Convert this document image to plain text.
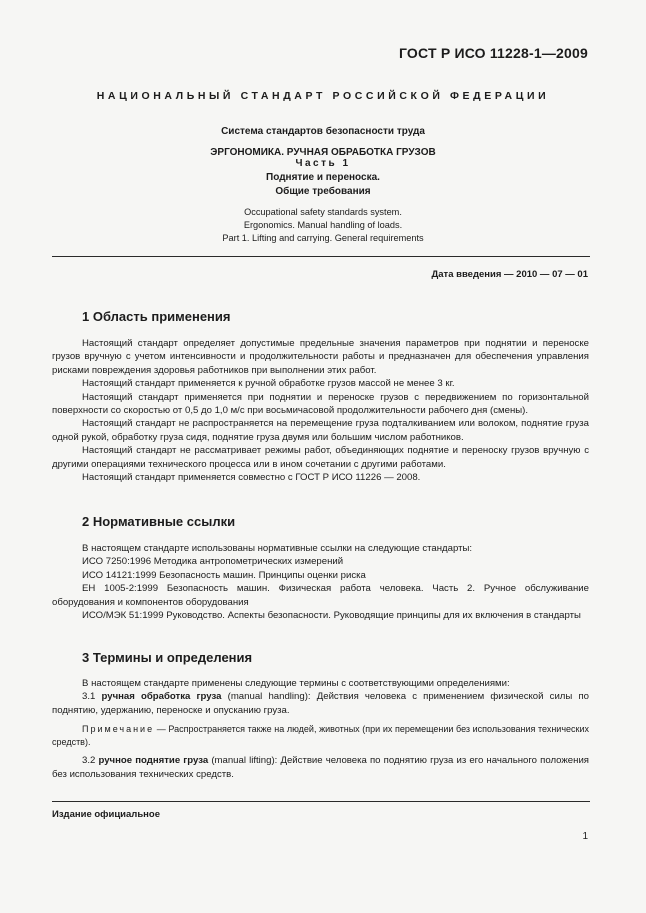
ГОСТ Р ИСО 11228-1—2009
НАЦИОНАЛЬНЫЙ СТАНДАРТ РОССИЙСКОЙ ФЕДЕРАЦИИ
Система стандартов безопасности труда
ЭРГОНОМИКА. РУЧНАЯ ОБРАБОТКА ГРУЗОВ
Часть 1
Поднятие и переноска.
Общие требования
Occupational safety standards system.
Ergonomics. Manual handling of loads.
Part 1. Lifting and carrying. General requirements
Дата введения — 2010 — 07 — 01
1 Область применения

Настоящий стандарт определяет допустимые предельные значения параметров при поднятии и переноске грузов вручную с учетом интенсивности и продолжительности работы и предназначен для обеспечения управления рисками повреждения здоровья работников при выполнении этих работ.

Настоящий стандарт применяется к ручной обработке грузов массой не менее 3 кг.

Настоящий стандарт применяется при поднятии и переноске грузов с передвижением по горизонтальной поверхности со скоростью от 0,5 до 1,0 м/с при восьмичасовой продолжительности рабочего дня (смены).

Настоящий стандарт не распространяется на перемещение груза подталкиванием или волоком, поднятие груза одной рукой, обработку груза сидя, поднятие груза двумя или большим числом работников.

Настоящий стандарт не рассматривает режимы работ, объединяющих поднятие и переноску грузов вручную с другими операциями технического процесса или в ином сочетании с другими работами.

Настоящий стандарт применяется совместно с ГОСТ Р ИСО 11226 — 2008.

2 Нормативные ссылки

В настоящем стандарте использованы нормативные ссылки на следующие стандарты:

ИСО 7250:1996 Методика антропометрических измерений

ИСО 14121:1999 Безопасность машин. Принципы оценки риска

ЕН 1005-2:1999 Безопасность машин. Физическая работа человека. Часть 2. Ручное обслуживание оборудования и компонентов оборудования

ИСО/МЭК 51:1999 Руководство. Аспекты безопасности. Руководящие принципы для их включения в стандарты

3 Термины и определения

В настоящем стандарте применены следующие термины с соответствующими определениями:

3.1 ручная обработка груза (manual handling): Действия человека с применением физической силы по поднятию, удержанию, переноске и опусканию груза.

Примечание — Распространяется также на людей, животных (при их перемещении без использования технических средств).

3.2 ручное поднятие груза (manual lifting): Действие человека по поднятию груза из его начального положения без использования технических средств.

Издание официальное
1
